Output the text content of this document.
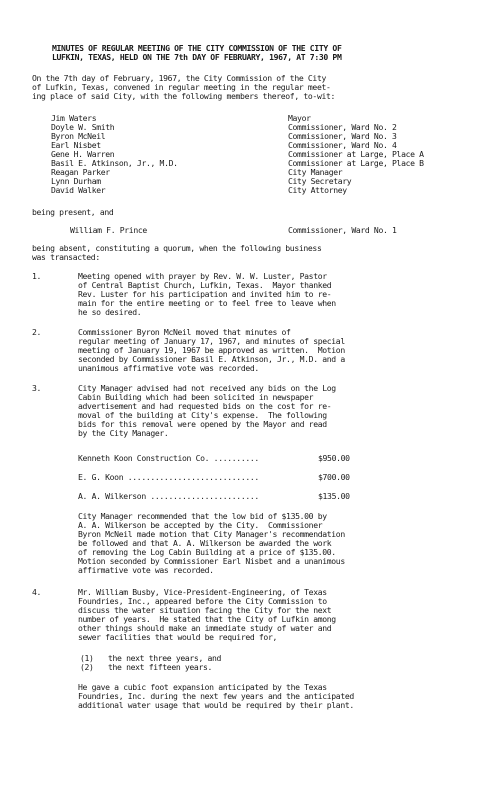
MINUTES OF REGULAR MEETING OF THE CITY COMMISSION OF THE CITY OF
LUFKIN, TEXAS, HELD ON THE 7th DAY OF FEBRUARY, 1967, AT 7:30 PM
On the 7th day of February, 1967, the City Commission of the City
of Lufkin, Texas, convened in regular meeting in the regular meet-
ing place of said City, with the following members thereof, to-wit:
Jim Waters	Mayor
Doyle W. Smith	Commissioner, Ward No. 2
Byron McNeil	Commissioner, Ward No. 3
Earl Nisbet	Commissioner, Ward No. 4
Gene H. Warren	Commissioner at Large, Place A
Basil E. Atkinson, Jr., M.D.	Commissioner at Large, Place B
Reagan Parker	City Manager
Lynn Durham	City Secretary
David Walker	City Attorney
being present, and
William F. Prince	Commissioner, Ward No. 1
being absent, constituting a quorum, when the following business
was transacted:
1.	Meeting opened with prayer by Rev. W. W. Luster, Pastor
of Central Baptist Church, Lufkin, Texas.  Mayor thanked
Rev. Luster for his participation and invited him to re-
main for the entire meeting or to feel free to leave when
he so desired.
2.	Commissioner Byron McNeil moved that minutes of
regular meeting of January 17, 1967, and minutes of special
meeting of January 19, 1967 be approved as written.  Motion
seconded by Commissioner Basil E. Atkinson, Jr., M.D. and a
unanimous affirmative vote was recorded.
3.	City Manager advised had not received any bids on the Log
Cabin Building which had been solicited in newspaper
advertisement and had requested bids on the cost for re-
moval of the building at City's expense.  The following
bids for this removal were opened by the Mayor and read
by the City Manager.
Kenneth Koon Construction Co. ..........	$950.00
E. G. Koon .............................	$700.00
A. A. Wilkerson ........................	$135.00
City Manager recommended that the low bid of $135.00 by
A. A. Wilkerson be accepted by the City.  Commissioner
Byron McNeil made motion that City Manager's recommendation
be followed and that A. A. Wilkerson be awarded the work
of removing the Log Cabin Building at a price of $135.00.
Motion seconded by Commissioner Earl Nisbet and a unanimous
affirmative vote was recorded.
4.	Mr. William Busby, Vice-President-Engineering, of Texas
Foundries, Inc., appeared before the City Commission to
discuss the water situation facing the City for the next
number of years.  He stated that the City of Lufkin among
other things should make an immediate study of water and
sewer facilities that would be required for,
(1) the next three years, and
(2) the next fifteen years.
He gave a cubic foot expansion anticipated by the Texas
Foundries, Inc. during the next few years and the anticipated
additional water usage that would be required by their plant.
